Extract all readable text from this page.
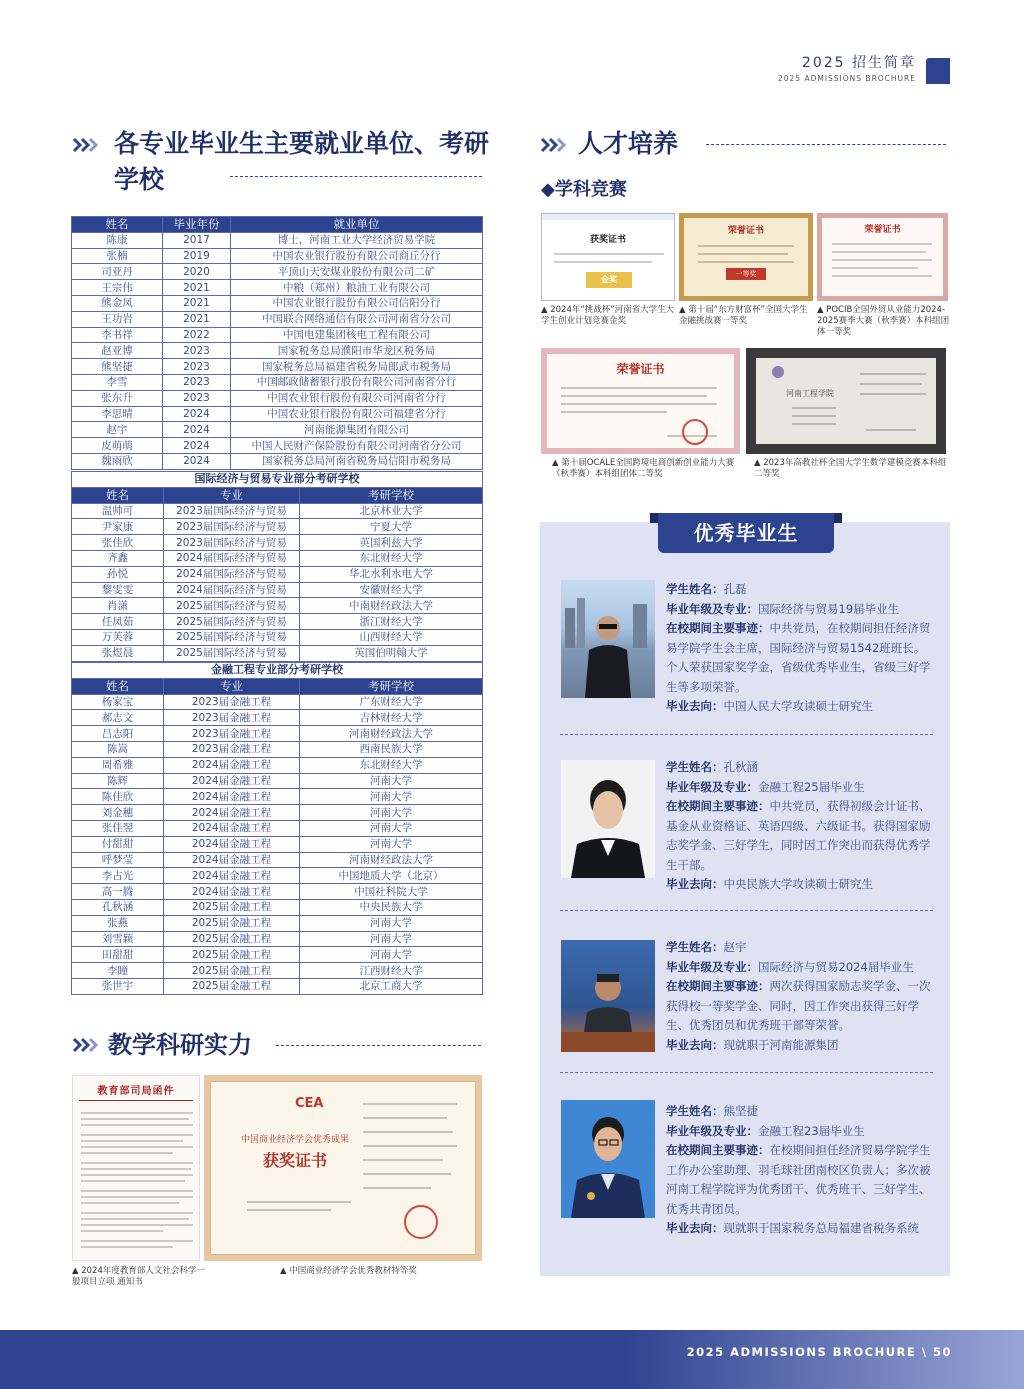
2025 招生简章
2025 ADMISSIONS BROCHURE
各专业毕业生主要就业单位、考研学校
姓名	毕业年份	就业单位
陈康	2017	博士，河南工业大学经济贸易学院
张楠	2019	中国农业银行股份有限公司商丘分行
司亚丹	2020	平顶山天安煤业股份有限公司二矿
王宗伟	2021	中粮（郑州）粮油工业有限公司
熊金凤	2021	中国农业银行股份有限公司信阳分行
王功岩	2021	中国联合网络通信有限公司河南省分公司
李书祥	2022	中国电建集团核电工程有限公司
赵亚博	2023	国家税务总局濮阳市华龙区税务局
熊坚捷	2023	国家税务总局福建省税务局郎武市税务局
李雪	2023	中国邮政储蓄银行股份有限公司河南省分行
张东升	2023	中国农业银行股份有限公司河南省分行
李思晴	2024	中国农业银行股份有限公司福建省分行
赵宇	2024	河南能源集团有限公司
皮萌萌	2024	中国人民财产保险股份有限公司河南省分公司
魏雨欣	2024	国家税务总局河南省税务局信阳市税务局
国际经济与贸易专业部分考研学校		
姓名	专业	考研学校
温帅可	2023届国际经济与贸易	北京林业大学
尹家康	2023届国际经济与贸易	宁夏大学
张佳欣	2023届国际经济与贸易	英国利兹大学
齐鑫	2024届国际经济与贸易	东北财经大学
孙悦	2024届国际经济与贸易	华北水利水电大学
黎雯雯	2024届国际经济与贸易	安徽财经大学
肖潇	2025届国际经济与贸易	中南财经政法大学
任凤茹	2025届国际经济与贸易	浙江财经大学
万芙蓉	2025届国际经济与贸易	山西财经大学
张煜晨	2025届国际经济与贸易	英国伯明翰大学
金融工程专业部分考研学校		
姓名	专业	考研学校
杨家宝	2023届金融工程	广东财经大学
郝志文	2023届金融工程	吉林财经大学
吕志阳	2023届金融工程	河南财经政法大学
陈嵩	2023届金融工程	西南民族大学
周希雅	2024届金融工程	东北财经大学
陈辉	2024届金融工程	河南大学
陈佳欣	2024届金融工程	河南大学
刘金穗	2024届金融工程	河南大学
张佳翌	2024届金融工程	河南大学
付甜甜	2024届金融工程	河南大学
呼梦莹	2024届金融工程	河南财经政法大学
李占光	2024届金融工程	中国地质大学（北京）
高一腾	2024届金融工程	中国社科院大学
孔秋涵	2025届金融工程	中央民族大学
张燕	2025届金融工程	河南大学
刘雪颖	2025届金融工程	河南大学
田甜甜	2025届金融工程	河南大学
李瞳	2025届金融工程	江西财经大学
张世宇	2025届金融工程	北京工商大学
教学科研实力
教育部司局函件
▲ 2024年度教育部人文社会科学一般项目立项 通知书
CEA
中国商业经济学会优秀成果
获奖证书
▲ 中国商业经济学会优秀教材特等奖
人才培养
◆学科竞赛
获奖证书
金奖
荣誉证书
一等奖
荣誉证书
▲ 2024年“挑战杯”河南省大学生大学生创业计划竞赛金奖
▲ 第十届“东方财富杯”全国大学生金融挑战赛一等奖
▲ POCIB全国外贸从业能力2024-2025赛季大赛（秋季赛）本科组团体一等奖
荣誉证书
河南工程学院
▲ 第十届OCALE全国跨境电商创新创业能力大赛（秋季赛）本科组团体二等奖
▲ 2023年高教社杯全国大学生数学建模竞赛本科组二等奖
优秀毕业生
学生姓名：孔磊
毕业年级及专业：国际经济与贸易19届毕业生
在校期间主要事迹：中共党员，在校期间担任经济贸易学院学生会主席，国际经济与贸易1542班班长。个人荣获国家奖学金，省级优秀毕业生，省级三好学生等多项荣誉。
毕业去向：中国人民大学攻读硕士研究生
学生姓名：孔秋涵
毕业年级及专业：金融工程25届毕业生
在校期间主要事迹：中共党员，获得初级会计证书、基金从业资格证、英语四级、六级证书。获得国家励志奖学金、三好学生，同时因工作突出而获得优秀学生干部。
毕业去向：中央民族大学攻读硕士研究生
学生姓名：赵宇
毕业年级及专业：国际经济与贸易2024届毕业生
在校期间主要事迹：两次获得国家励志奖学金、一次获得校一等奖学金、同时，因工作突出获得三好学生、优秀团员和优秀班干部等荣誉。
毕业去向：现就职于河南能源集团
学生姓名：熊坚捷
毕业年级及专业：金融工程23届毕业生
在校期间主要事迹：在校期间担任经济贸易学院学生工作办公室助理、羽毛球社团南校区负责人；多次被河南工程学院评为优秀团干、优秀班干、三好学生、优秀共青团员。
毕业去向：现就职于国家税务总局福建省税务系统
2025 ADMISSIONS BROCHURE \ 50
